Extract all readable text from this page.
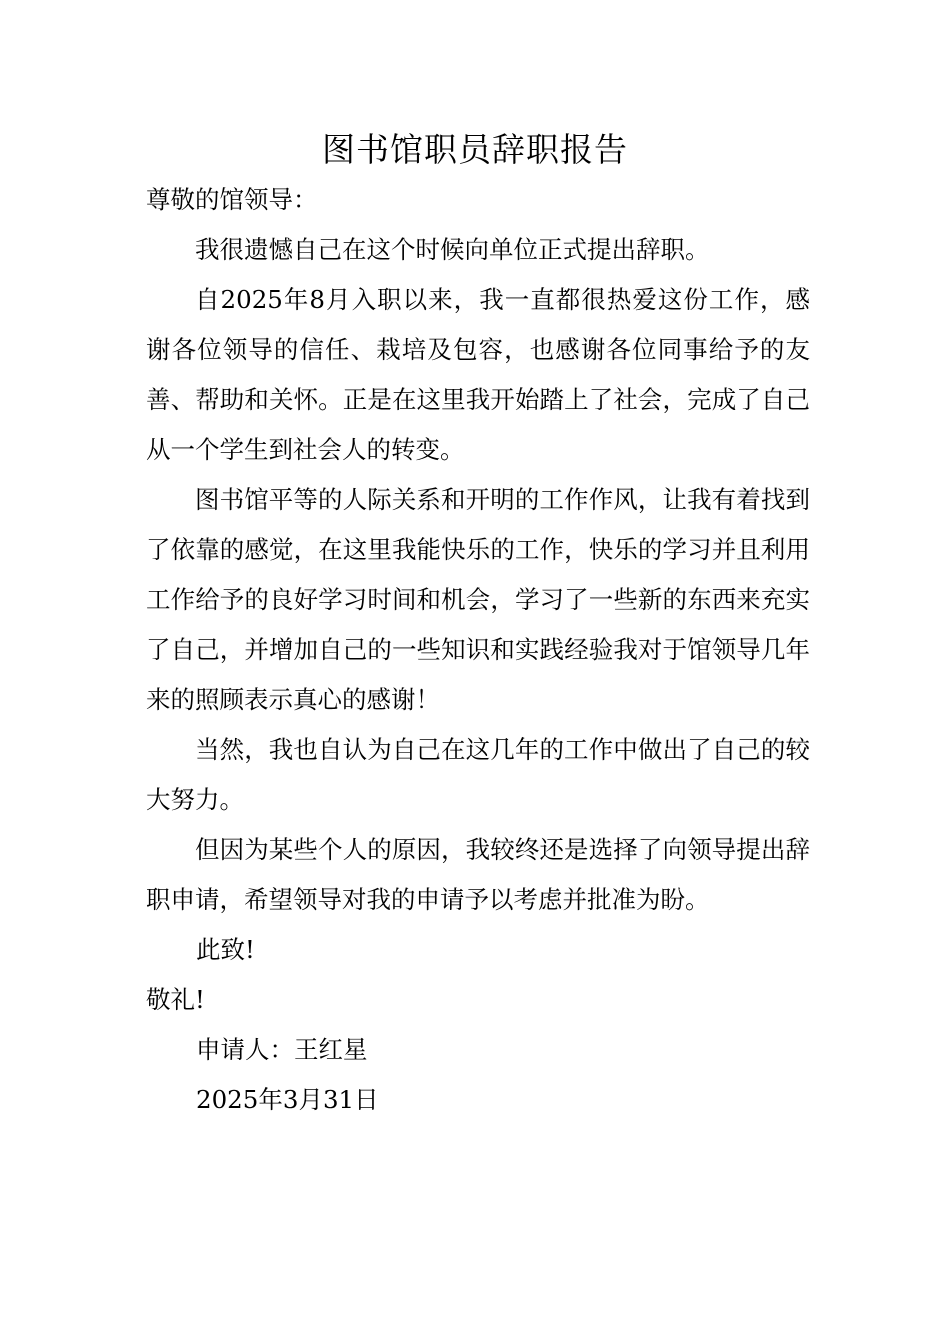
图书馆职员辞职报告

尊敬的馆领导：

我很遗憾自己在这个时候向单位正式提出辞职。

自2025年8月入职以来，我一直都很热爱这份工作，感谢各位领导的信任、栽培及包容，也感谢各位同事给予的友善、帮助和关怀。正是在这里我开始踏上了社会，完成了自己从一个学生到社会人的转变。

图书馆平等的人际关系和开明的工作作风，让我有着找到了依靠的感觉，在这里我能快乐的工作，快乐的学习并且利用工作给予的良好学习时间和机会，学习了一些新的东西来充实了自己，并增加自己的一些知识和实践经验我对于馆领导几年来的照顾表示真心的感谢！

当然，我也自认为自己在这几年的工作中做出了自己的较大努力。

但因为某些个人的原因，我较终还是选择了向领导提出辞职申请，希望领导对我的申请予以考虑并批准为盼。

此致!

敬礼!

申请人：王红星

2025年3月31日
